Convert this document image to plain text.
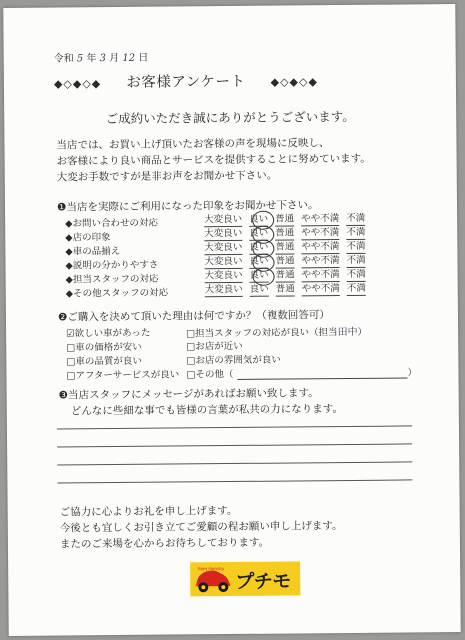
令和 5 年 3 月 12 日
◆◇◆◇◆ お客様アンケート ◆◇◆◇◆
ご成約いただき誠にありがとうございます。
当店では、お買い上げ頂いたお客様の声を現場に反映し、
お客様により良い商品とサービスを提供することに努めています。
大変お手数ですが是非お声をお聞かせ下さい。
❶当店を実際にご利用になった印象をお聞かせ下さい。
◆お問い合わせの対応	大変良い 良い 普通 やや不満 不満
◆店の印象	大変良い 良い 普通 やや不満 不満
◆車の品揃え	大変良い 良い 普通 やや不満 不満
◆説明の分かりやすさ	大変良い 良い 普通 やや不満 不満
◆担当スタッフの対応	大変良い 良い 普通 やや不満 不満
◆その他スタッフの対応	大変良い 良い 普通 やや不満 不満
❷ご購入を決めて頂いた理由は何ですか？（複数回答可）
☑欲しい車があった
□車の価格が安い
□車の品質が良い
□アフターサービスが良い
□担当スタッフの対応が良い（担当田中）
□お店が近い
□お店の雰囲気が良い
□その他（	）
❸当店スタッフにメッセージがあればお願い致します。
どんなに些細な事でも皆様の言葉が私共の力になります。
ご協力に心よりお礼を申し上げます。
今後とも宜しくお引き立てご愛顧の程お願い申し上げます。
またのご来場を心からお待ちしております。
Petit Mobility
プチモ
